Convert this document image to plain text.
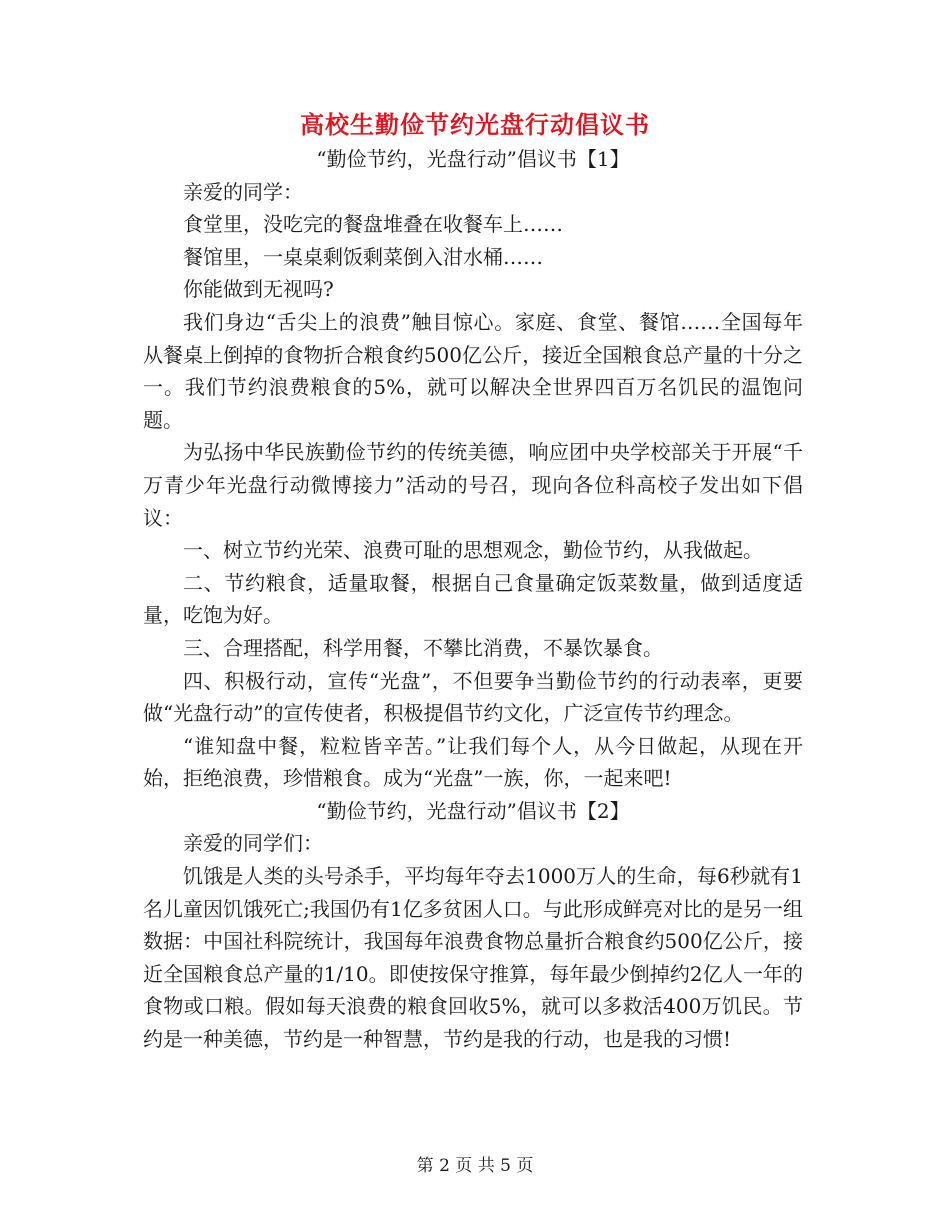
高校生勤俭节约光盘行动倡议书

“勤俭节约，光盘行动”倡议书【1】

亲爱的同学：

食堂里，没吃完的餐盘堆叠在收餐车上……

餐馆里，一桌桌剩饭剩菜倒入泔水桶……

你能做到无视吗?

我们身边“舌尖上的浪费”触目惊心。家庭、食堂、餐馆……全国每年从餐桌上倒掉的食物折合粮食约500亿公斤，接近全国粮食总产量的十分之一。我们节约浪费粮食的5%，就可以解决全世界四百万名饥民的温饱问题。

为弘扬中华民族勤俭节约的传统美德，响应团中央学校部关于开展“千万青少年光盘行动微博接力”活动的号召，现向各位科高校子发出如下倡议：

一、树立节约光荣、浪费可耻的思想观念，勤俭节约，从我做起。

二、节约粮食，适量取餐，根据自己食量确定饭菜数量，做到适度适量，吃饱为好。

三、合理搭配，科学用餐，不攀比消费，不暴饮暴食。

四、积极行动，宣传“光盘”，不但要争当勤俭节约的行动表率，更要做“光盘行动”的宣传使者，积极提倡节约文化，广泛宣传节约理念。

“谁知盘中餐，粒粒皆辛苦。”让我们每个人，从今日做起，从现在开始，拒绝浪费，珍惜粮食。成为“光盘”一族，你，一起来吧!

“勤俭节约，光盘行动”倡议书【2】

亲爱的同学们：

饥饿是人类的头号杀手，平均每年夺去1000万人的生命，每6秒就有1名儿童因饥饿死亡;我国仍有1亿多贫困人口。与此形成鲜亮对比的是另一组数据：中国社科院统计，我国每年浪费食物总量折合粮食约500亿公斤，接近全国粮食总产量的1/10。即使按保守推算，每年最少倒掉约2亿人一年的食物或口粮。假如每天浪费的粮食回收5%，就可以多救活400万饥民。节约是一种美德，节约是一种智慧，节约是我的行动，也是我的习惯!

第 2 页 共 5 页
